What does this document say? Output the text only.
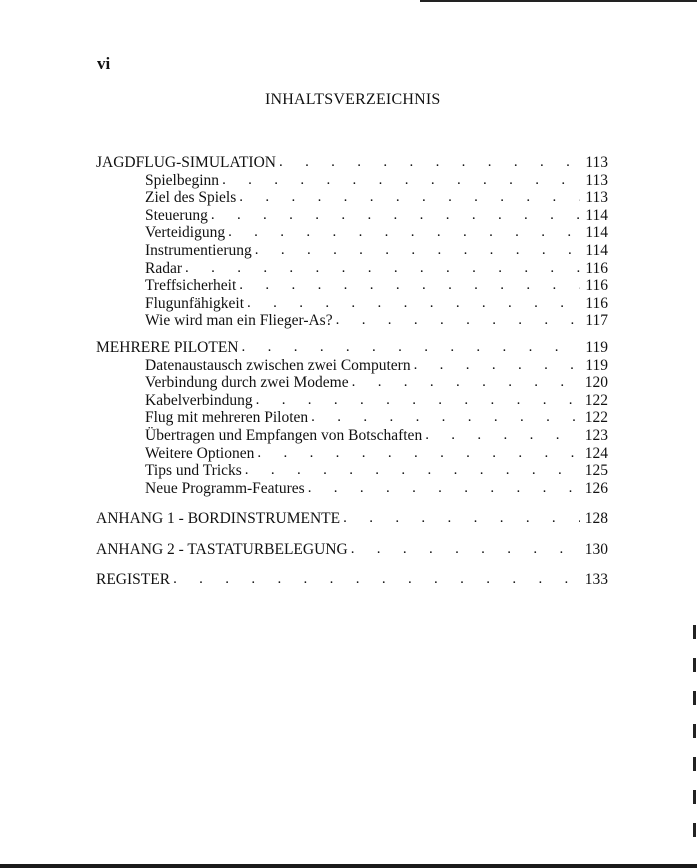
vi
INHALTSVERZEICHNIS
JAGDFLUG-SIMULATION . . .	113
Spielbeginn . . .	113
Ziel des Spiels . . .	113
Steuerung . . .	114
Verteidigung . . .	114
Instrumentierung . . .	114
Radar . . .	116
Treffsicherheit . . .	116
Flugunfähigkeit . . .	116
Wie wird man ein Flieger-As? . . .	117
MEHRERE PILOTEN . . .	119
Datenaustausch zwischen zwei Computern . . .	119
Verbindung durch zwei Modeme . . .	120
Kabelverbindung . . .	122
Flug mit mehreren Piloten . . .	122
Übertragen und Empfangen von Botschaften . . .	123
Weitere Optionen . . .	124
Tips und Tricks . . .	125
Neue Programm-Features . . .	126
ANHANG 1 - BORDINSTRUMENTE . . .	128
ANHANG 2 - TASTATURBELEGUNG . . .	130
REGISTER . . .	133
